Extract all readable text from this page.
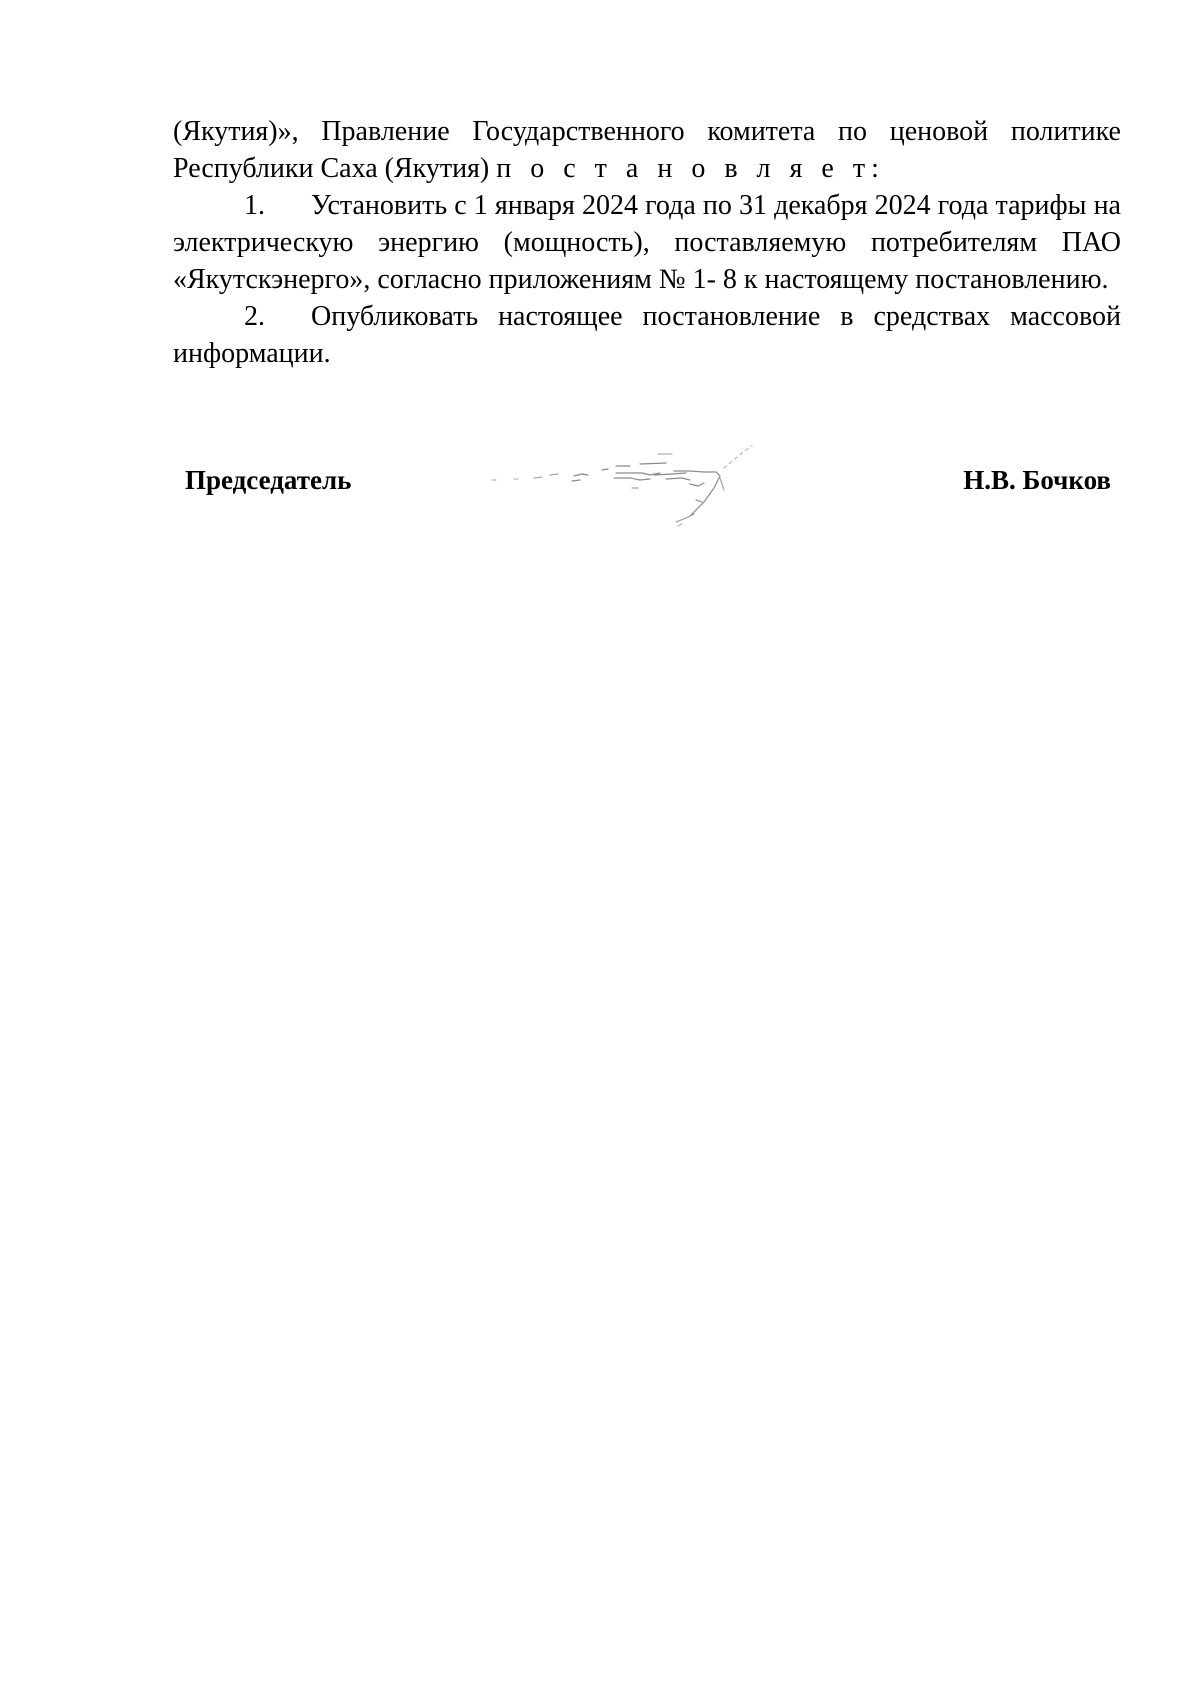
(Якутия)», Правление Государственного комитета по ценовой политике Республики Саха (Якутия) п о с т а н о в л я е т:

1. Установить с 1 января 2024 года по 31 декабря 2024 года тарифы на электрическую энергию (мощность), поставляемую потребителям ПАО «Якутскэнерго», согласно приложениям № 1- 8 к настоящему постановлению.

2. Опубликовать настоящее постановление в средствах массовой информации.

Председатель	Н.В. Бочков
